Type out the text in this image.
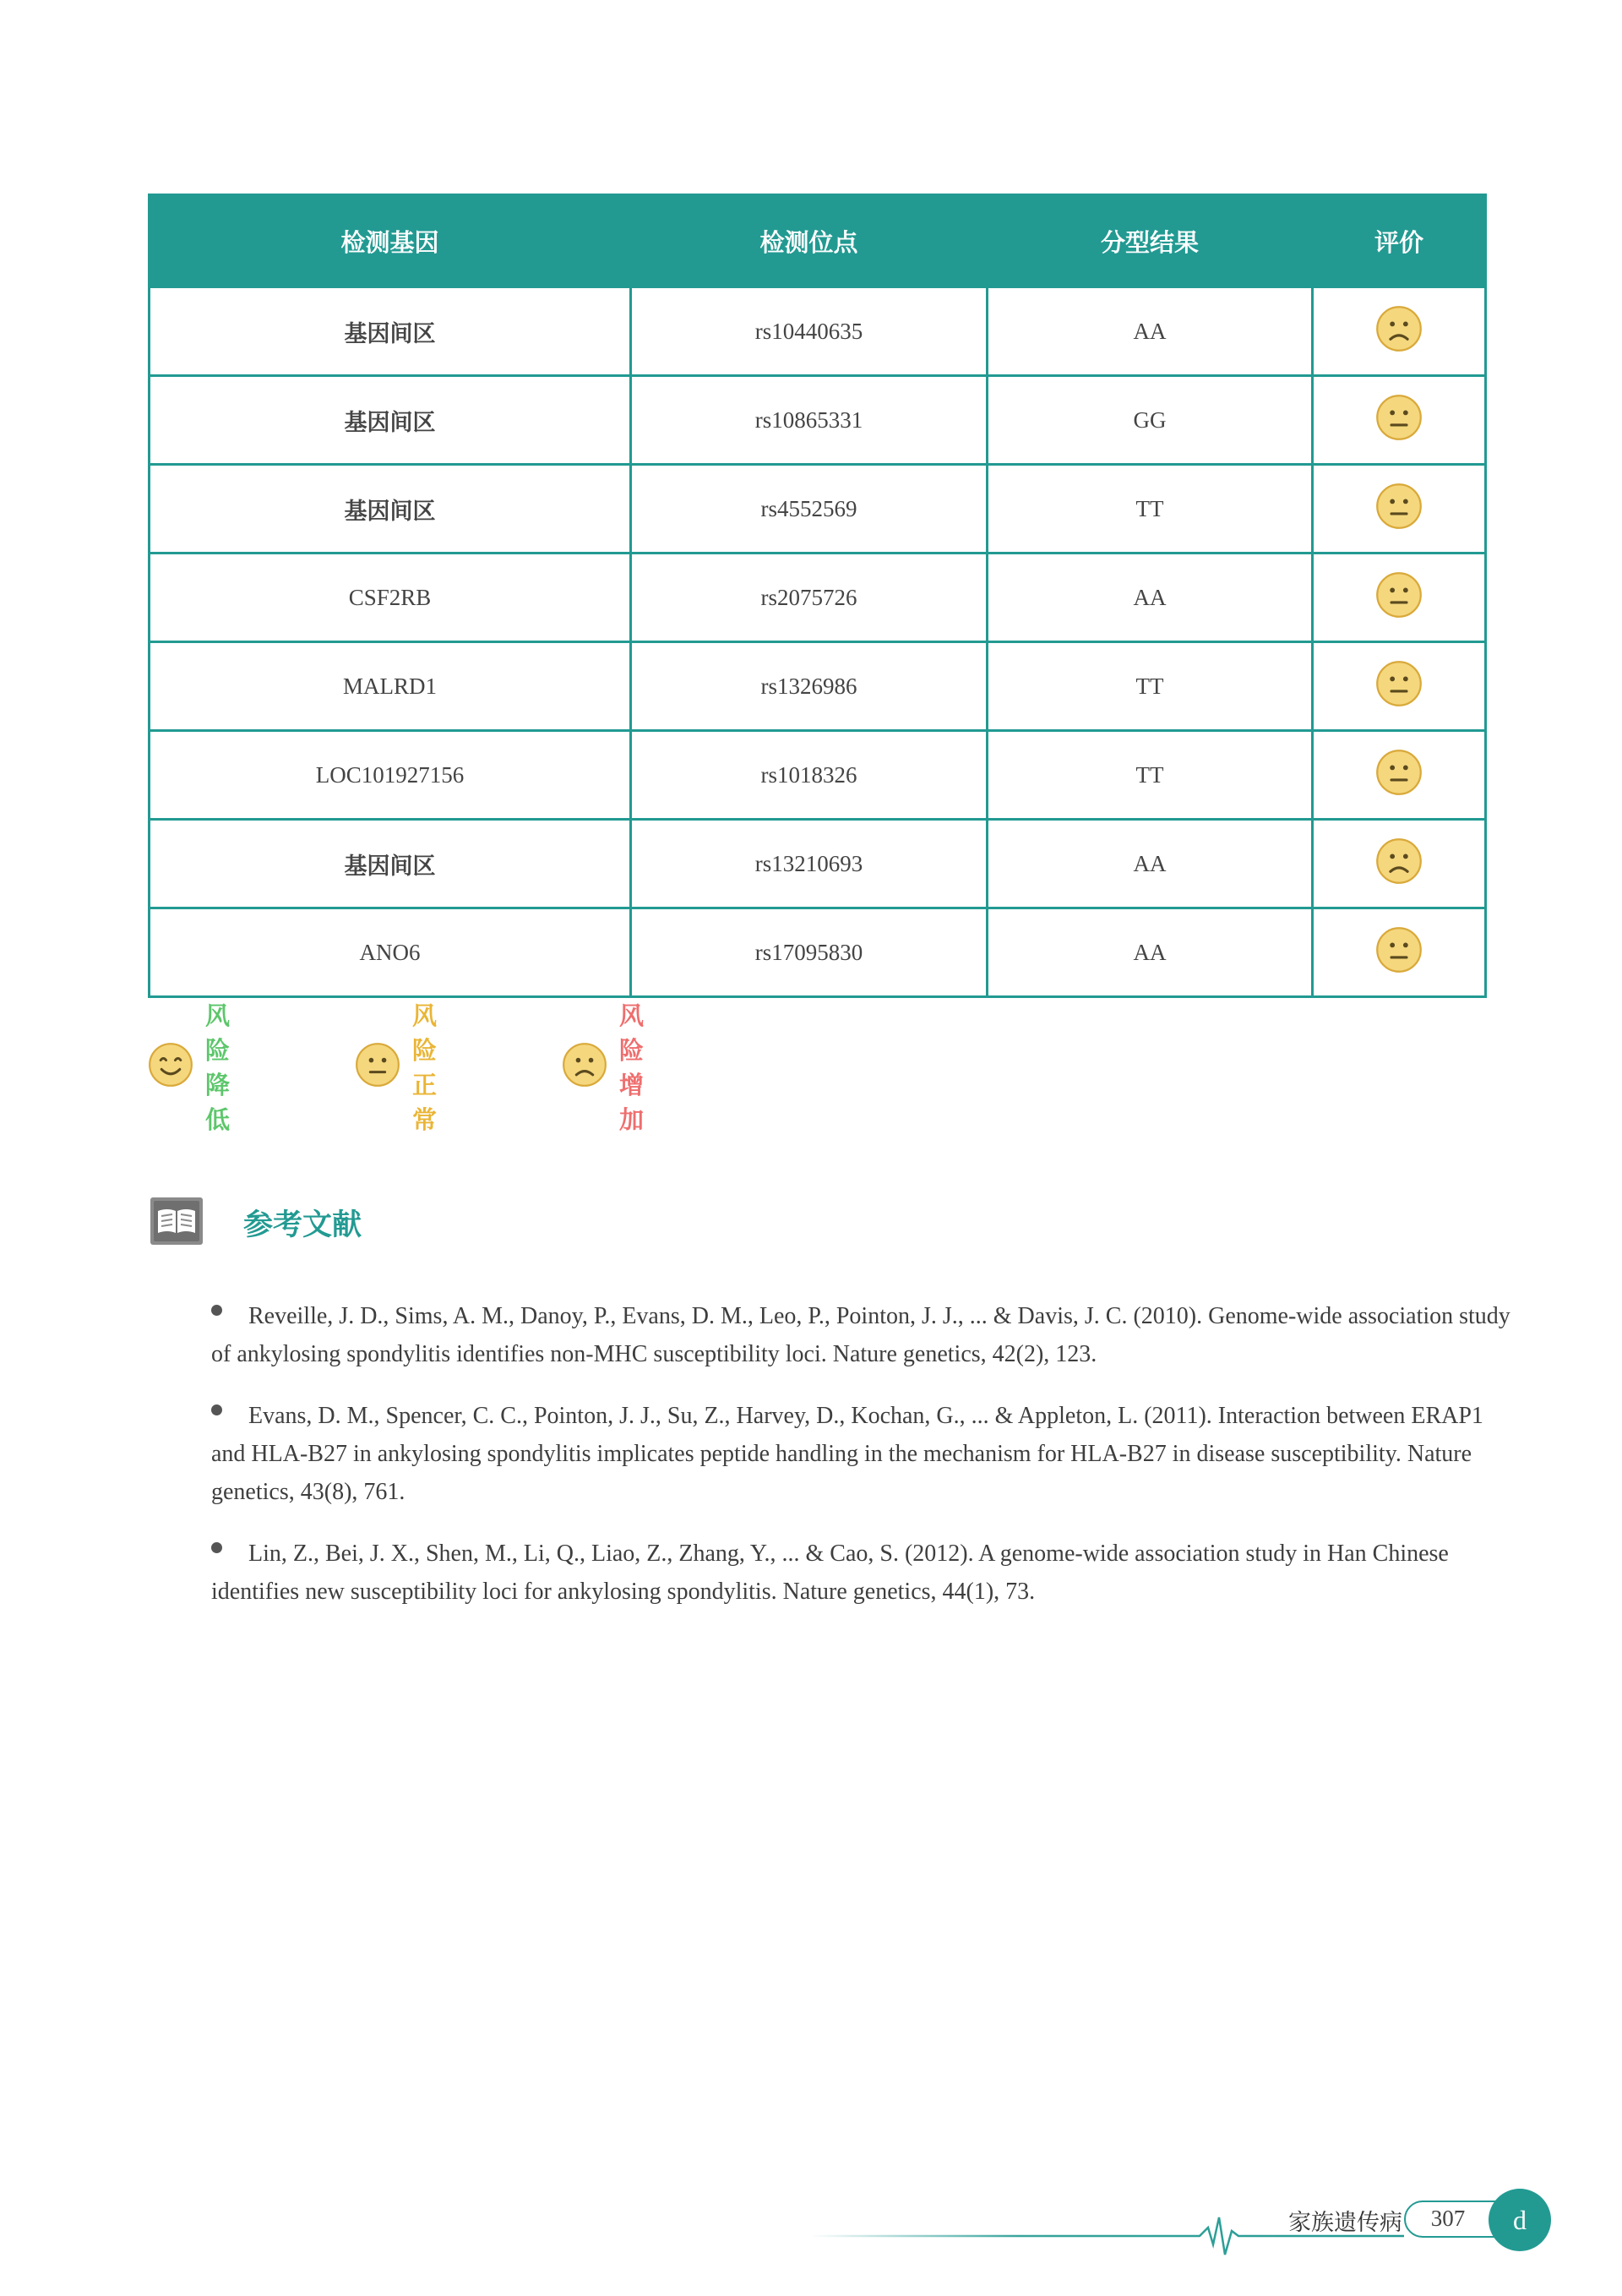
检测基因	检测位点	分型结果	评价
基因间区	rs10440635	AA	
基因间区	rs10865331	GG	
基因间区	rs4552569	TT	
CSF2RB	rs2075726	AA	
MALRD1	rs1326986	TT	
LOC101927156	rs1018326	TT	
基因间区	rs13210693	AA	
ANO6	rs17095830	AA	
风险降低
风险正常
风险增加
参考文献
Reveille, J. D., Sims, A. M., Danoy, P., Evans, D. M., Leo, P., Pointon, J. J., ... & Davis, J. C. (2010). Genome-wide association study of ankylosing spondylitis identifies non-MHC susceptibility loci. Nature genetics, 42(2), 123.
Evans, D. M., Spencer, C. C., Pointon, J. J., Su, Z., Harvey, D., Kochan, G., ... & Appleton, L. (2011). Interaction between ERAP1 and HLA-B27 in ankylosing spondylitis implicates peptide handling in the mechanism for HLA-B27 in disease susceptibility. Nature genetics, 43(8), 761.
Lin, Z., Bei, J. X., Shen, M., Li, Q., Liao, Z., Zhang, Y., ... & Cao, S. (2012). A genome-wide association study in Han Chinese identifies new susceptibility loci for ankylosing spondylitis. Nature genetics, 44(1), 73.
家族遗传病	307	d
